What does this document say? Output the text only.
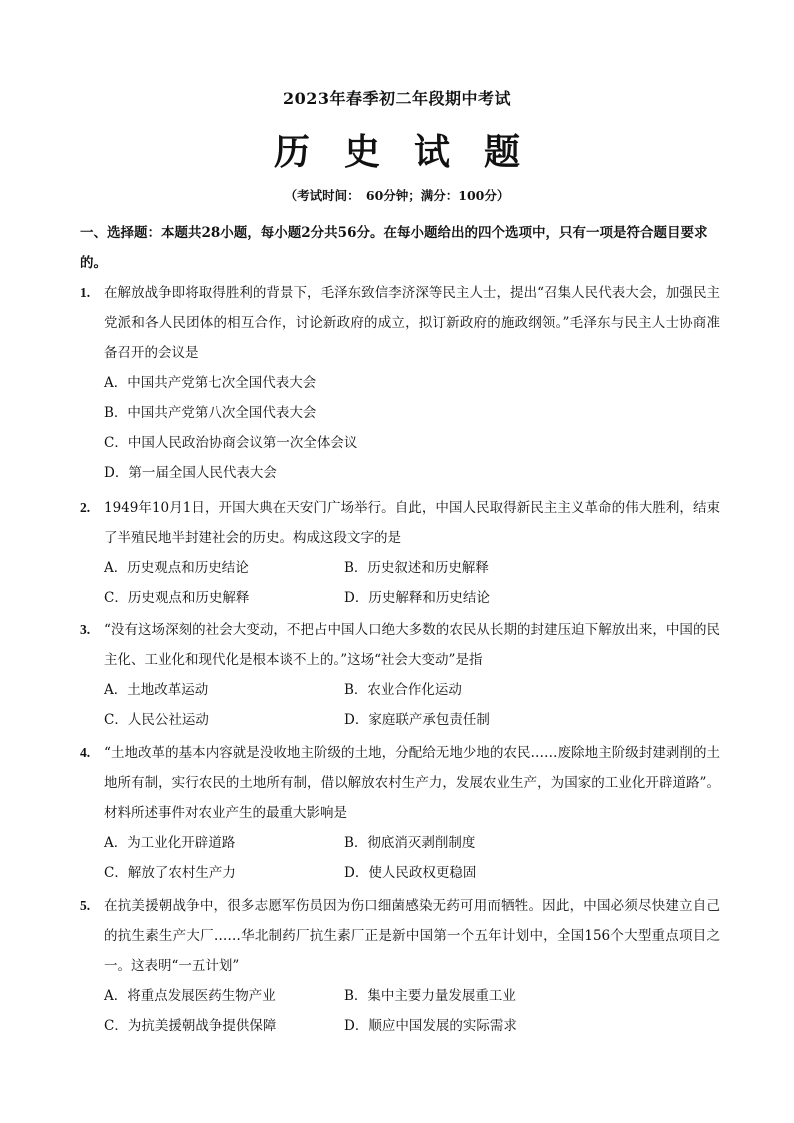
2023年春季初二年段期中考试
历史试题
（考试时间：　60分钟；满分：100分）
一、选择题：本题共28小题，每小题2分共56分。在每小题给出的四个选项中，只有一项是符合题目要求的。
1. 在解放战争即将取得胜利的背景下，毛泽东致信李济深等民主人士，提出“召集人民代表大会，加强民主党派和各人民团体的相互合作，讨论新政府的成立，拟订新政府的施政纲领。”毛泽东与民主人士协商准备召开的会议是
A．中国共产党第七次全国代表大会
B．中国共产党第八次全国代表大会
C．中国人民政治协商会议第一次全体会议
D．第一届全国人民代表大会
2. 1949年10月1日，开国大典在天安门广场举行。自此，中国人民取得新民主主义革命的伟大胜利，结束了半殖民地半封建社会的历史。构成这段文字的是
A．历史观点和历史结论	B．历史叙述和历史解释
C．历史观点和历史解释	D．历史解释和历史结论
3. “没有这场深刻的社会大变动，不把占中国人口绝大多数的农民从长期的封建压迫下解放出来，中国的民主化、工业化和现代化是根本谈不上的。”这场“社会大变动”是指
A．土地改革运动	B．农业合作化运动
C．人民公社运动	D．家庭联产承包责任制
4. “土地改革的基本内容就是没收地主阶级的土地，分配给无地少地的农民……废除地主阶级封建剥削的土地所有制，实行农民的土地所有制，借以解放农村生产力，发展农业生产，为国家的工业化开辟道路”。材料所述事件对农业产生的最重大影响是
A．为工业化开辟道路	B．彻底消灭剥削制度
C．解放了农村生产力	D．使人民政权更稳固
5. 在抗美援朝战争中，很多志愿军伤员因为伤口细菌感染无药可用而牺牲。因此，中国必须尽快建立自己的抗生素生产大厂……华北制药厂抗生素厂正是新中国第一个五年计划中，全国156个大型重点项目之一。这表明“一五计划”
A．将重点发展医药生物产业	B．集中主要力量发展重工业
C．为抗美援朝战争提供保障	D．顺应中国发展的实际需求
